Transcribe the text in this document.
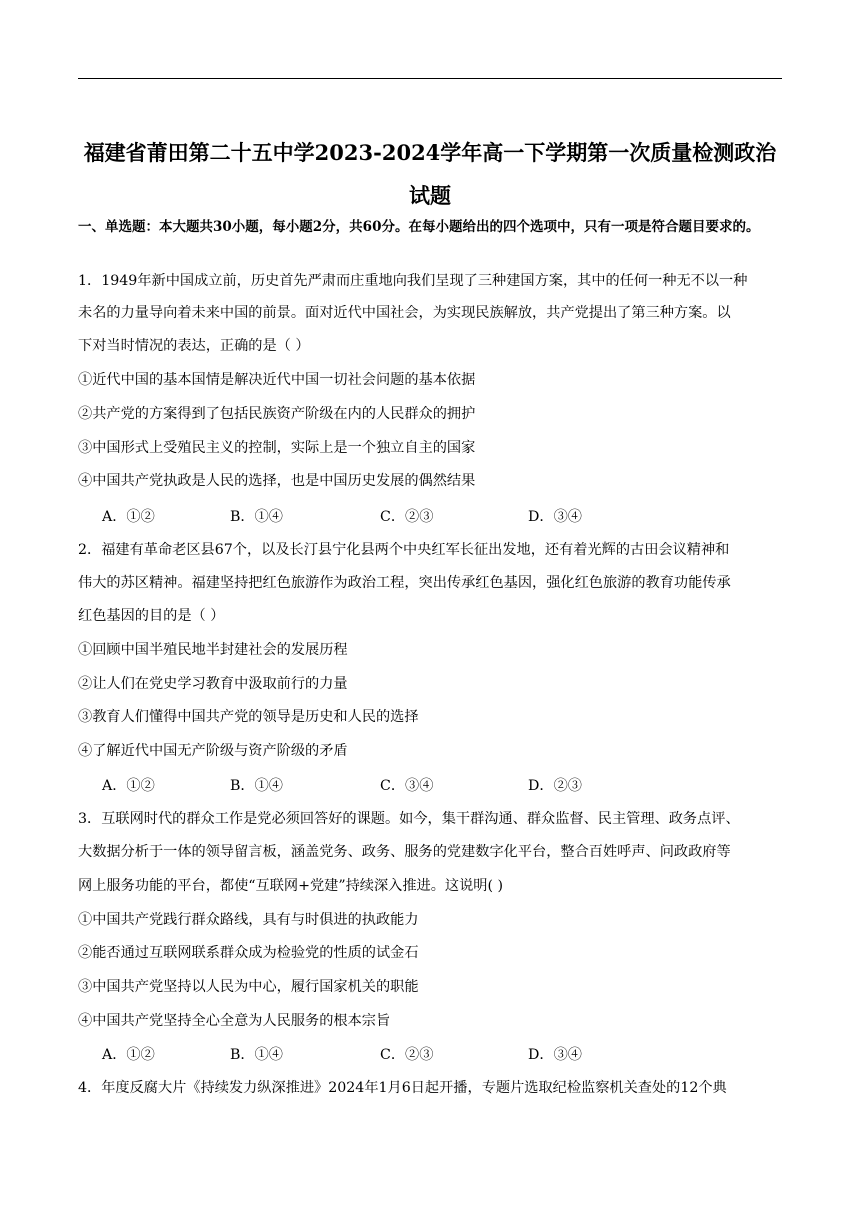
福建省莆田第二十五中学2023-2024学年高一下学期第一次质量检测政治
试题
一、单选题：本大题共30小题，每小题2分，共60分。在每小题给出的四个选项中，只有一项是符合题目要求的。
1．1949年新中国成立前，历史首先严肃而庄重地向我们呈现了三种建国方案，其中的任何一种无不以一种
未名的力量导向着未来中国的前景。面对近代中国社会，为实现民族解放，共产党提出了第三种方案。以
下对当时情况的表达，正确的是（ ）
①近代中国的基本国情是解决近代中国一切社会问题的基本依据
②共产党的方案得到了包括民族资产阶级在内的人民群众的拥护
③中国形式上受殖民主义的控制，实际上是一个独立自主的国家
④中国共产党执政是人民的选择，也是中国历史发展的偶然结果
A．①②	B．①④	C．②③	D．③④
2．福建有革命老区县67个，以及长汀县宁化县两个中央红军长征出发地，还有着光辉的古田会议精神和
伟大的苏区精神。福建坚持把红色旅游作为政治工程，突出传承红色基因，强化红色旅游的教育功能传承
红色基因的目的是（ ）
①回顾中国半殖民地半封建社会的发展历程
②让人们在党史学习教育中汲取前行的力量
③教育人们懂得中国共产党的领导是历史和人民的选择
④了解近代中国无产阶级与资产阶级的矛盾
A．①②	B．①④	C．③④	D．②③
3．互联网时代的群众工作是党必须回答好的课题。如今，集干群沟通、群众监督、民主管理、政务点评、
大数据分析于一体的领导留言板，涵盖党务、政务、服务的党建数字化平台，整合百姓呼声、问政政府等
网上服务功能的平台，都使“互联网+党建”持续深入推进。这说明( )
①中国共产党践行群众路线，具有与时俱进的执政能力
②能否通过互联网联系群众成为检验党的性质的试金石
③中国共产党坚持以人民为中心，履行国家机关的职能
④中国共产党坚持全心全意为人民服务的根本宗旨
A．①②	B．①④	C．②③	D．③④
4．年度反腐大片《持续发力纵深推进》2024年1月6日起开播，专题片选取纪检监察机关查处的12个典
